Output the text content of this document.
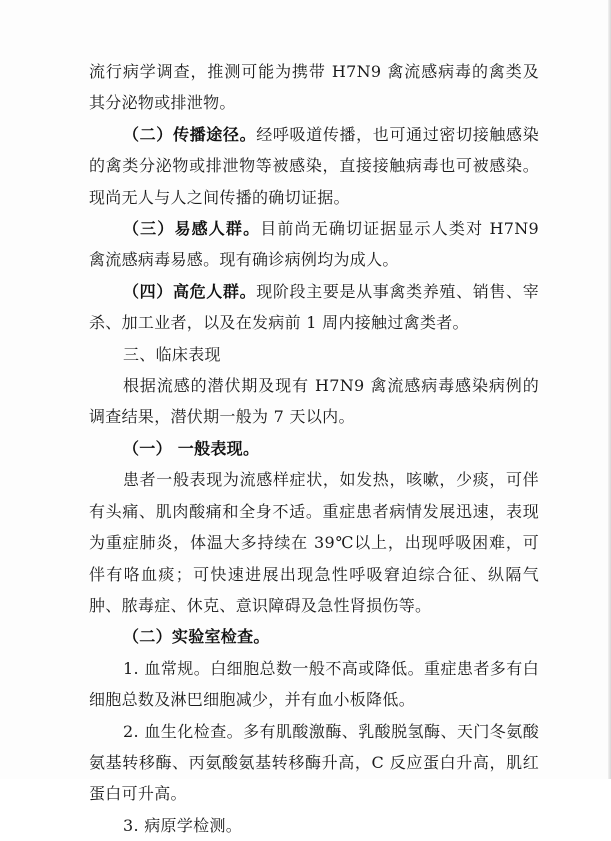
流行病学调查，推测可能为携带 H7N9 禽流感病毒的禽类及其分泌物或排泄物。

（二）传播途径。经呼吸道传播，也可通过密切接触感染的禽类分泌物或排泄物等被感染，直接接触病毒也可被感染。现尚无人与人之间传播的确切证据。

（三）易感人群。目前尚无确切证据显示人类对 H7N9 禽流感病毒易感。现有确诊病例均为成人。

（四）高危人群。现阶段主要是从事禽类养殖、销售、宰杀、加工业者，以及在发病前 1 周内接触过禽类者。

三、临床表现

根据流感的潜伏期及现有 H7N9 禽流感病毒感染病例的调查结果，潜伏期一般为 7 天以内。

（一） 一般表现。

患者一般表现为流感样症状，如发热，咳嗽，少痰，可伴有头痛、肌肉酸痛和全身不适。重症患者病情发展迅速，表现为重症肺炎，体温大多持续在 39℃以上，出现呼吸困难，可伴有咯血痰；可快速进展出现急性呼吸窘迫综合征、纵隔气肿、脓毒症、休克、意识障碍及急性肾损伤等。

（二）实验室检查。

1. 血常规。白细胞总数一般不高或降低。重症患者多有白细胞总数及淋巴细胞减少，并有血小板降低。

2. 血生化检查。多有肌酸激酶、乳酸脱氢酶、天门冬氨酸氨基转移酶、丙氨酸氨基转移酶升高，C 反应蛋白升高，肌红蛋白可升高。

3. 病原学检测。
